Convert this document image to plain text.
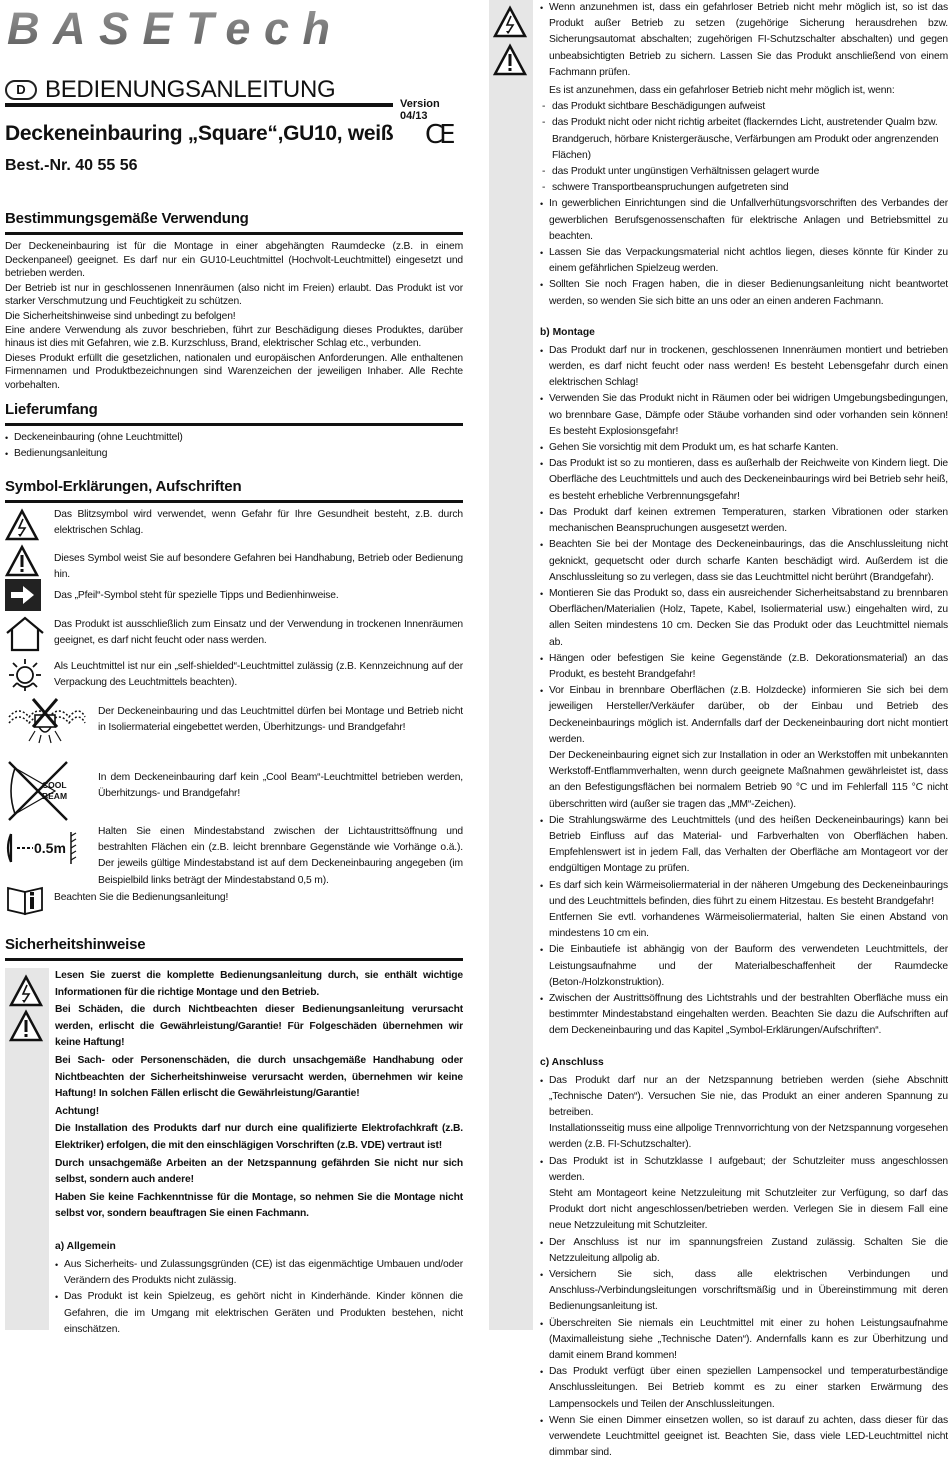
BASETech
D BEDIENUNGSANLEITUNG
Version 04/13
Deckeneinbauring „Square“,GU10, weiß CE
Best.-Nr. 40 55 56
Bestimmungsgemäße Verwendung
Der Deckeneinbauring ist für die Montage in einer abgehängten Raumdecke (z.B. in einem Deckenpaneel) geeignet. Es darf nur ein GU10-Leuchtmittel (Hochvolt-Leuchtmittel) eingesetzt und betrieben werden.
Der Betrieb ist nur in geschlossenen Innenräumen (also nicht im Freien) erlaubt. Das Produkt ist vor starker Verschmutzung und Feuchtigkeit zu schützen.
Die Sicherheitshinweise sind unbedingt zu befolgen!
Eine andere Verwendung als zuvor beschrieben, führt zur Beschädigung dieses Produktes, darüber hinaus ist dies mit Gefahren, wie z.B. Kurzschluss, Brand, elektrischer Schlag etc., verbunden.
Dieses Produkt erfüllt die gesetzlichen, nationalen und europäischen Anforderungen. Alle enthaltenen Firmennamen und Produktbezeichnungen sind Warenzeichen der jeweiligen Inhaber. Alle Rechte vorbehalten.
Lieferumfang
• Deckeneinbauring (ohne Leuchtmittel)
• Bedienungsanleitung
Symbol-Erklärungen, Aufschriften
Das Blitzsymbol wird verwendet, wenn Gefahr für Ihre Gesundheit besteht, z.B. durch elektrischen Schlag.
Dieses Symbol weist Sie auf besondere Gefahren bei Handhabung, Betrieb oder Bedienung hin.
Das „Pfeil“-Symbol steht für spezielle Tipps und Bedienhinweise.
Das Produkt ist ausschließlich zum Einsatz und der Verwendung in trockenen Innenräumen geeignet, es darf nicht feucht oder nass werden.
Als Leuchtmittel ist nur ein „self-shielded“-Leuchtmittel zulässig (z.B. Kennzeichnung auf der Verpackung des Leuchtmittels beachten).
Der Deckeneinbauring und das Leuchtmittel dürfen bei Montage und Betrieb nicht in Isoliermaterial eingebettet werden, Überhitzungs- und Brandgefahr!
COOL
BEAM
In dem Deckeneinbauring darf kein „Cool Beam“-Leuchtmittel betrieben werden, Überhitzungs- und Brandgefahr!
0.5m
Halten Sie einen Mindestabstand zwischen der Lichtaustrittsöffnung und bestrahlten Flächen ein (z.B. leicht brennbare Gegenstände wie Vorhänge o.ä.). Der jeweils gültige Mindestabstand ist auf dem Deckeneinbauring angegeben (im Beispielbild links beträgt der Mindestabstand 0,5 m).
Beachten Sie die Bedienungsanleitung!
Sicherheitshinweise
Lesen Sie zuerst die komplette Bedienungsanleitung durch, sie enthält wichtige Informationen für die richtige Montage und den Betrieb.
Bei Schäden, die durch Nichtbeachten dieser Bedienungsanleitung verursacht werden, erlischt die Gewährleistung/Garantie! Für Folgeschäden übernehmen wir keine Haftung!
Bei Sach- oder Personenschäden, die durch unsachgemäße Handhabung oder Nichtbeachten der Sicherheitshinweise verursacht werden, übernehmen wir keine Haftung! In solchen Fällen erlischt die Gewährleistung/Garantie!
Achtung!
Die Installation des Produkts darf nur durch eine qualifizierte Elektrofachkraft (z.B. Elektriker) erfolgen, die mit den einschlägigen Vorschriften (z.B. VDE) vertraut ist!
Durch unsachgemäße Arbeiten an der Netzspannung gefährden Sie nicht nur sich selbst, sondern auch andere!
Haben Sie keine Fachkenntnisse für die Montage, so nehmen Sie die Montage nicht selbst vor, sondern beauftragen Sie einen Fachmann.
a) Allgemein
• Aus Sicherheits- und Zulassungsgründen (CE) ist das eigenmächtige Umbauen und/oder Verändern des Produkts nicht zulässig.
• Das Produkt ist kein Spielzeug, es gehört nicht in Kinderhände. Kinder können die Gefahren, die im Umgang mit elektrischen Geräten und Produkten bestehen, nicht einschätzen.
• Wenn anzunehmen ist, dass ein gefahrloser Betrieb nicht mehr möglich ist, so ist das Produkt außer Betrieb zu setzen (zugehörige Sicherung herausdrehen bzw. Sicherungsautomat abschalten; zugehörigen FI-Schutzschalter abschalten) und gegen unbeabsichtigten Betrieb zu sichern. Lassen Sie das Produkt anschließend von einem Fachmann prüfen.
Es ist anzunehmen, dass ein gefahrloser Betrieb nicht mehr möglich ist, wenn:
- das Produkt sichtbare Beschädigungen aufweist
- das Produkt nicht oder nicht richtig arbeitet (flackerndes Licht, austretender Qualm bzw. Brandgeruch, hörbare Knistergeräusche, Verfärbungen am Produkt oder angrenzenden Flächen)
- das Produkt unter ungünstigen Verhältnissen gelagert wurde
- schwere Transportbeanspruchungen aufgetreten sind
• In gewerblichen Einrichtungen sind die Unfallverhütungsvorschriften des Verbandes der gewerblichen Berufsgenossenschaften für elektrische Anlagen und Betriebsmittel zu beachten.
• Lassen Sie das Verpackungsmaterial nicht achtlos liegen, dieses könnte für Kinder zu einem gefährlichen Spielzeug werden.
• Sollten Sie noch Fragen haben, die in dieser Bedienungsanleitung nicht beantwortet werden, so wenden Sie sich bitte an uns oder an einen anderen Fachmann.
b) Montage
• Das Produkt darf nur in trockenen, geschlossenen Innenräumen montiert und betrieben werden, es darf nicht feucht oder nass werden! Es besteht Lebensgefahr durch einen elektrischen Schlag!
• Verwenden Sie das Produkt nicht in Räumen oder bei widrigen Umgebungsbedingungen, wo brennbare Gase, Dämpfe oder Stäube vorhanden sind oder vorhanden sein können! Es besteht Explosionsgefahr!
• Gehen Sie vorsichtig mit dem Produkt um, es hat scharfe Kanten.
• Das Produkt ist so zu montieren, dass es außerhalb der Reichweite von Kindern liegt. Die Oberfläche des Leuchtmittels und auch des Deckeneinbaurings wird bei Betrieb sehr heiß, es besteht erhebliche Verbrennungsgefahr!
• Das Produkt darf keinen extremen Temperaturen, starken Vibrationen oder starken mechanischen Beanspruchungen ausgesetzt werden.
• Beachten Sie bei der Montage des Deckeneinbaurings, das die Anschlussleitung nicht geknickt, gequetscht oder durch scharfe Kanten beschädigt wird. Außerdem ist die Anschlussleitung so zu verlegen, dass sie das Leuchtmittel nicht berührt (Brandgefahr).
• Montieren Sie das Produkt so, dass ein ausreichender Sicherheitsabstand zu brennbaren Oberflächen/Materialien (Holz, Tapete, Kabel, Isoliermaterial usw.) eingehalten wird, zu allen Seiten mindestens 10 cm. Decken Sie das Produkt oder das Leuchtmittel niemals ab.
• Hängen oder befestigen Sie keine Gegenstände (z.B. Dekorationsmaterial) an das Produkt, es besteht Brandgefahr!
• Vor Einbau in brennbare Oberflächen (z.B. Holzdecke) informieren Sie sich bei dem jeweiligen Hersteller/Verkäufer darüber, ob der Einbau und Betrieb des Deckeneinbaurings möglich ist. Andernfalls darf der Deckeneinbauring dort nicht montiert werden.
Der Deckeneinbauring eignet sich zur Installation in oder an Werkstoffen mit unbekannten Werkstoff-Entflammverhalten, wenn durch geeignete Maßnahmen gewährleistet ist, dass an den Befestigungsflächen bei normalem Betrieb 90 °C und im Fehlerfall 115 °C nicht überschritten wird (außer sie tragen das „MM“-Zeichen).
• Die Strahlungswärme des Leuchtmittels (und des heißen Deckeneinbaurings) kann bei Betrieb Einfluss auf das Material- und Farbverhalten von Oberflächen haben. Empfehlenswert ist in jedem Fall, das Verhalten der Oberfläche am Montageort vor der endgültigen Montage zu prüfen.
• Es darf sich kein Wärmeisoliermaterial in der näheren Umgebung des Deckeneinbaurings und des Leuchtmittels befinden, dies führt zu einem Hitzestau. Es besteht Brandgefahr!
Entfernen Sie evtl. vorhandenes Wärmeisoliermaterial, halten Sie einen Abstand von mindestens 10 cm ein.
• Die Einbautiefe ist abhängig von der Bauform des verwendeten Leuchtmittels, der Leistungsaufnahme und der Materialbeschaffenheit der Raumdecke (Beton-/Holzkonstruktion).
• Zwischen der Austrittsöffnung des Lichtstrahls und der bestrahlten Oberfläche muss ein bestimmter Mindestabstand eingehalten werden. Beachten Sie dazu die Aufschriften auf dem Deckeneinbauring und das Kapitel „Symbol-Erklärungen/Aufschriften“.
c) Anschluss
• Das Produkt darf nur an der Netzspannung betrieben werden (siehe Abschnitt „Technische Daten“). Versuchen Sie nie, das Produkt an einer anderen Spannung zu betreiben.
Installationsseitig muss eine allpolige Trennvorrichtung von der Netzspannung vorgesehen werden (z.B. FI-Schutzschalter).
• Das Produkt ist in Schutzklasse I aufgebaut; der Schutzleiter muss angeschlossen werden.
Steht am Montageort keine Netzzuleitung mit Schutzleiter zur Verfügung, so darf das Produkt dort nicht angeschlossen/betrieben werden. Verlegen Sie in diesem Fall eine neue Netzzuleitung mit Schutzleiter.
• Der Anschluss ist nur im spannungsfreien Zustand zulässig. Schalten Sie die Netzzuleitung allpolig ab.
• Versichern Sie sich, dass alle elektrischen Verbindungen und Anschluss-/Verbindungsleitungen vorschriftsmäßig und in Übereinstimmung mit deren Bedienungsanleitung ist.
• Überschreiten Sie niemals ein Leuchtmittel mit einer zu hohen Leistungsaufnahme (Maximalleistung siehe „Technische Daten“). Andernfalls kann es zur Überhitzung und damit einem Brand kommen!
• Das Produkt verfügt über einen speziellen Lampensockel und temperaturbeständige Anschlussleitungen. Bei Betrieb kommt es zu einer starken Erwärmung des Lampensockels und Teilen der Anschlussleitungen.
• Wenn Sie einen Dimmer einsetzen wollen, so ist darauf zu achten, dass dieser für das verwendete Leuchtmittel geeignet ist. Beachten Sie, dass viele LED-Leuchtmittel nicht dimmbar sind.
